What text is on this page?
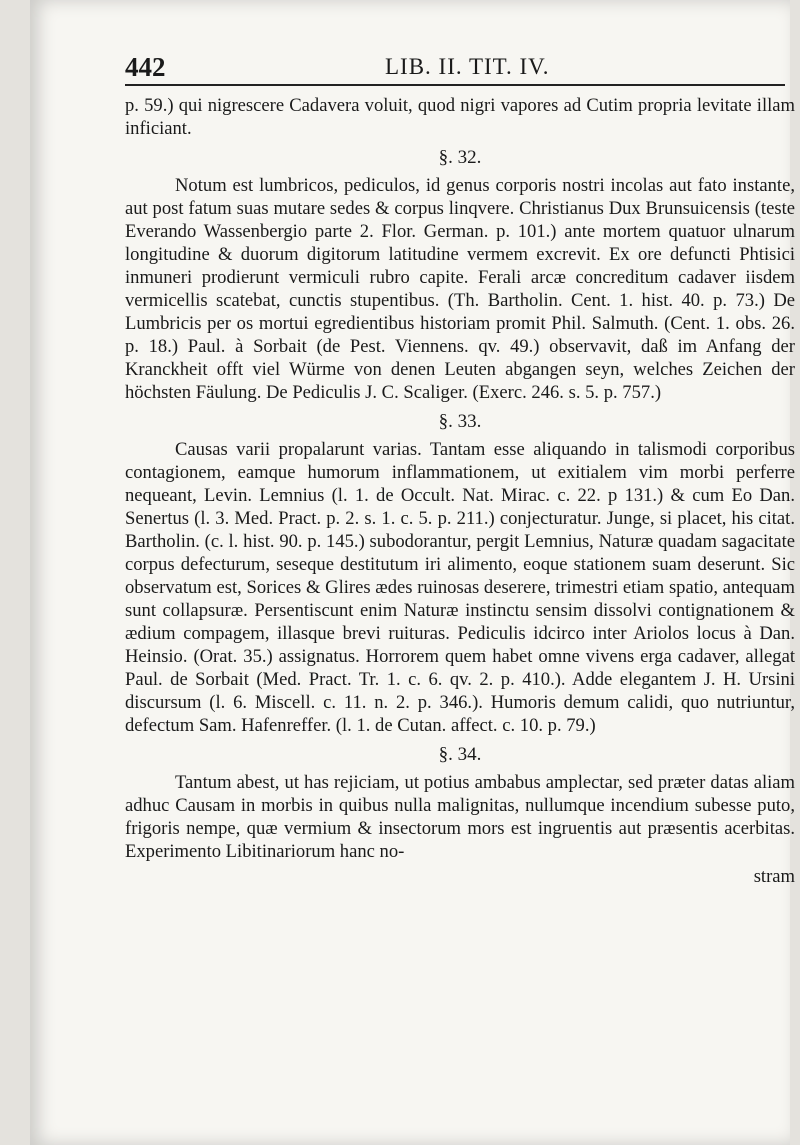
442	LIB. II. TIT. IV.

p. 59.) qui nigrescere Cadavera voluit, quod nigri vapores ad Cutim propria levitate illam inficiant.

§. 32.

Notum est lumbricos, pediculos, id genus corporis nostri incolas aut fato instante, aut post fatum suas mutare sedes & corpus linqvere. Christianus Dux Brunsuicensis (teste Everando Wassenbergio parte 2. Flor. German. p. 101.) ante mortem quatuor ulnarum longitudine & duorum digitorum latitudine vermem excrevit. Ex ore defuncti Phtisici inmuneri prodierunt vermiculi rubro capite. Ferali arcæ concreditum cadaver iisdem vermicellis scatebat, cunctis stupentibus. (Th. Bartholin. Cent. 1. hist. 40. p. 73.) De Lumbricis per os mortui egredientibus historiam promit Phil. Salmuth. (Cent. 1. obs. 26. p. 18.) Paul. à Sorbait (de Pest. Viennens. qv. 49.) observavit, daß im Anfang der Kranckheit offt viel Würme von denen Leuten abgangen seyn, welches Zeichen der höchsten Fäulung. De Pediculis J. C. Scaliger. (Exerc. 246. s. 5. p. 757.)

§. 33.

Causas varii propalarunt varias. Tantam esse aliquando in talismodi corporibus contagionem, eamque humorum inflammationem, ut exitialem vim morbi perferre nequeant, Levin. Lemnius (l. 1. de Occult. Nat. Mirac. c. 22. p 131.) & cum Eo Dan. Senertus (l. 3. Med. Pract. p. 2. s. 1. c. 5. p. 211.) conjecturatur. Junge, si placet, his citat. Bartholin. (c. l. hist. 90. p. 145.) subodorantur, pergit Lemnius, Naturæ quadam sagacitate corpus defecturum, seseque destitutum iri alimento, eoque stationem suam deserunt. Sic observatum est, Sorices & Glires ædes ruinosas deserere, trimestri etiam spatio, antequam sunt collapsuræ. Persentiscunt enim Naturæ instinctu sensim dissolvi contignationem & ædium compagem, illasque brevi ruituras. Pediculis idcirco inter Ariolos locus à Dan. Heinsio. (Orat. 35.) assignatus. Horrorem quem habet omne vivens erga cadaver, allegat Paul. de Sorbait (Med. Pract. Tr. 1. c. 6. qv. 2. p. 410.). Adde elegantem J. H. Ursini discursum (l. 6. Miscell. c. 11. n. 2. p. 346.). Humoris demum calidi, quo nutriuntur, defectum Sam. Hafenreffer. (l. 1. de Cutan. affect. c. 10. p. 79.)

§. 34.

Tantum abest, ut has rejiciam, ut potius ambabus amplectar, sed præter datas aliam adhuc Causam in morbis in quibus nulla malignitas, nullumque incendium subesse puto, frigoris nempe, quæ vermium & insectorum mors est ingruentis aut præsentis acerbitas. Experimento Libitinariorum hanc no-

stram
